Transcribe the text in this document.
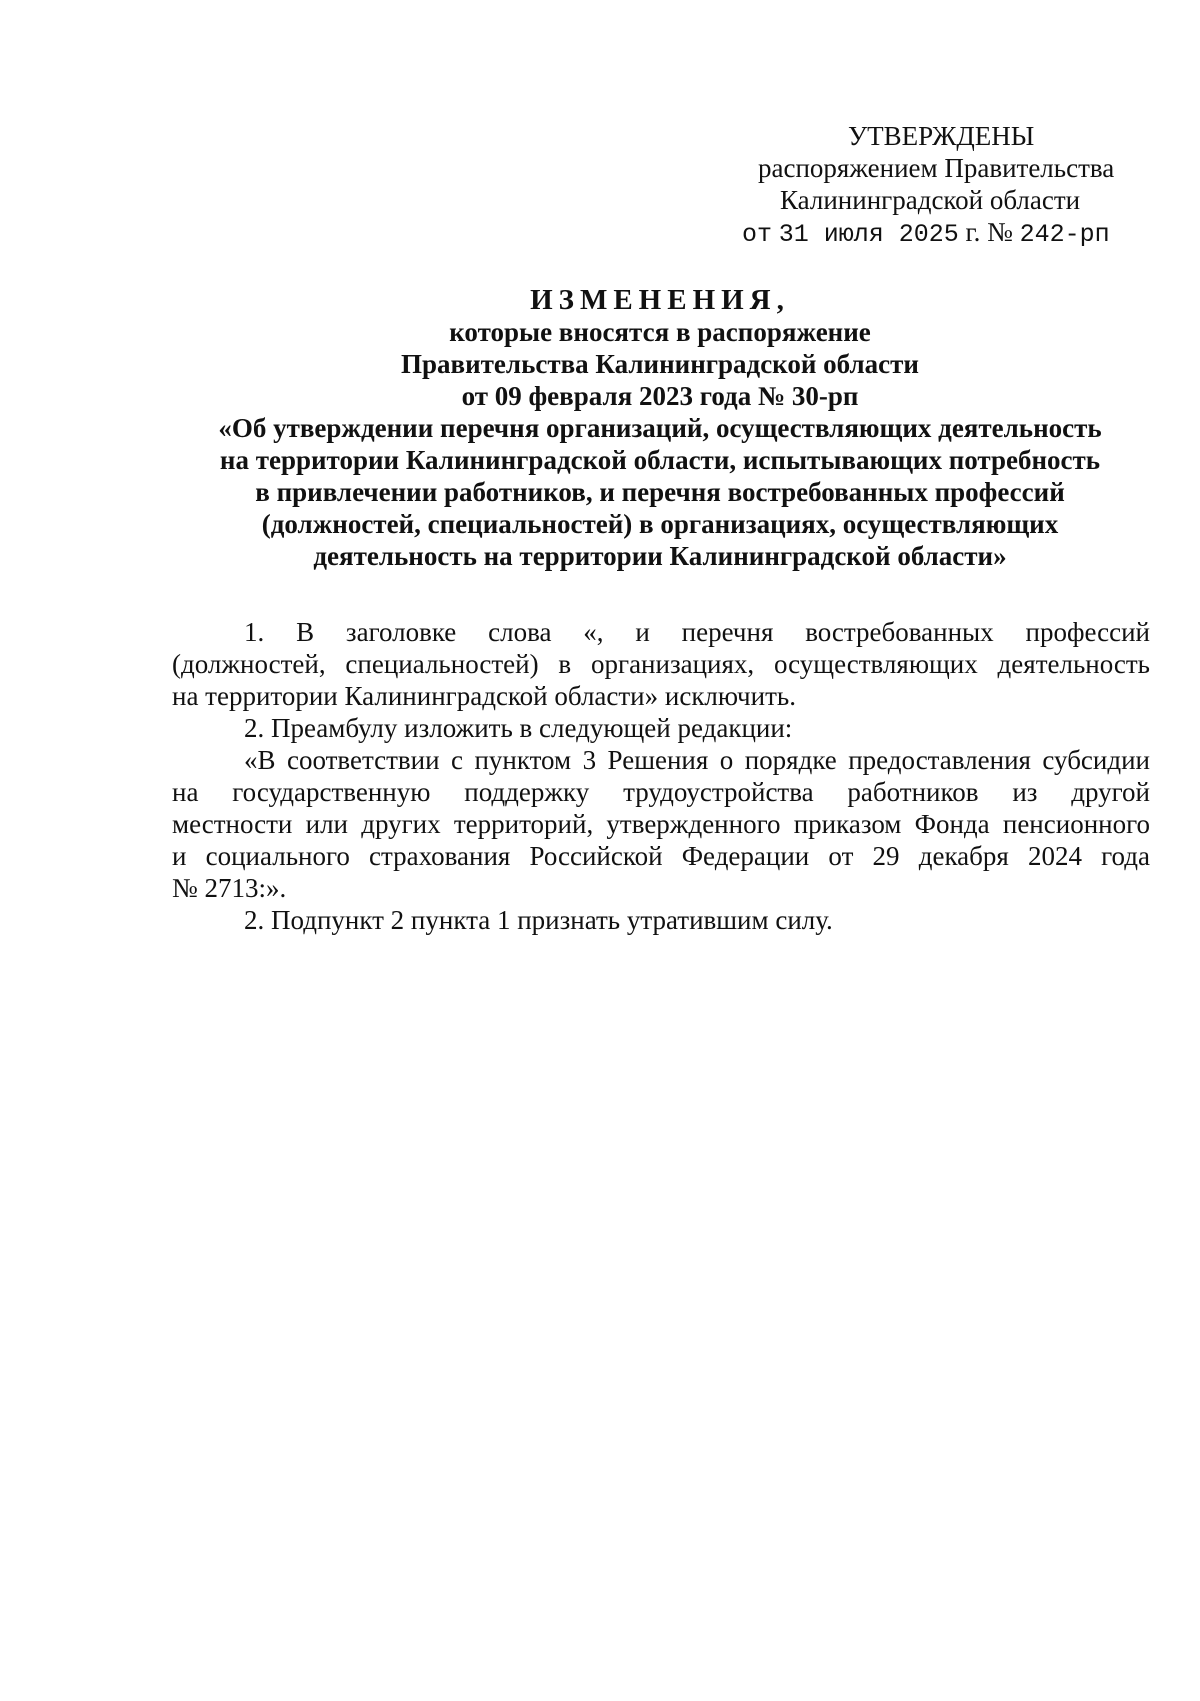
УТВЕРЖДЕНЫ
распоряжением Правительства
Калининградской области
от 31 июля 2025 г. № 242-рп
ИЗМЕНЕНИЯ,
которые вносятся в распоряжение
Правительства Калининградской области
от 09 февраля 2023 года № 30-рп
«Об утверждении перечня организаций, осуществляющих деятельность
на территории Калининградской области, испытывающих потребность
в привлечении работников, и перечня востребованных профессий
(должностей, специальностей) в организациях, осуществляющих
деятельность на территории Калининградской области»
1. В заголовке слова «, и перечня востребованных профессий
(должностей, специальностей) в организациях, осуществляющих деятельность
на территории Калининградской области» исключить.
2. Преамбулу изложить в следующей редакции:
«В соответствии с пунктом 3 Решения о порядке предоставления субсидии
на государственную поддержку трудоустройства работников из другой
местности или других территорий, утвержденного приказом Фонда пенсионного
и социального страхования Российской Федерации от 29 декабря 2024 года
№ 2713:».
2. Подпункт 2 пункта 1 признать утратившим силу.
